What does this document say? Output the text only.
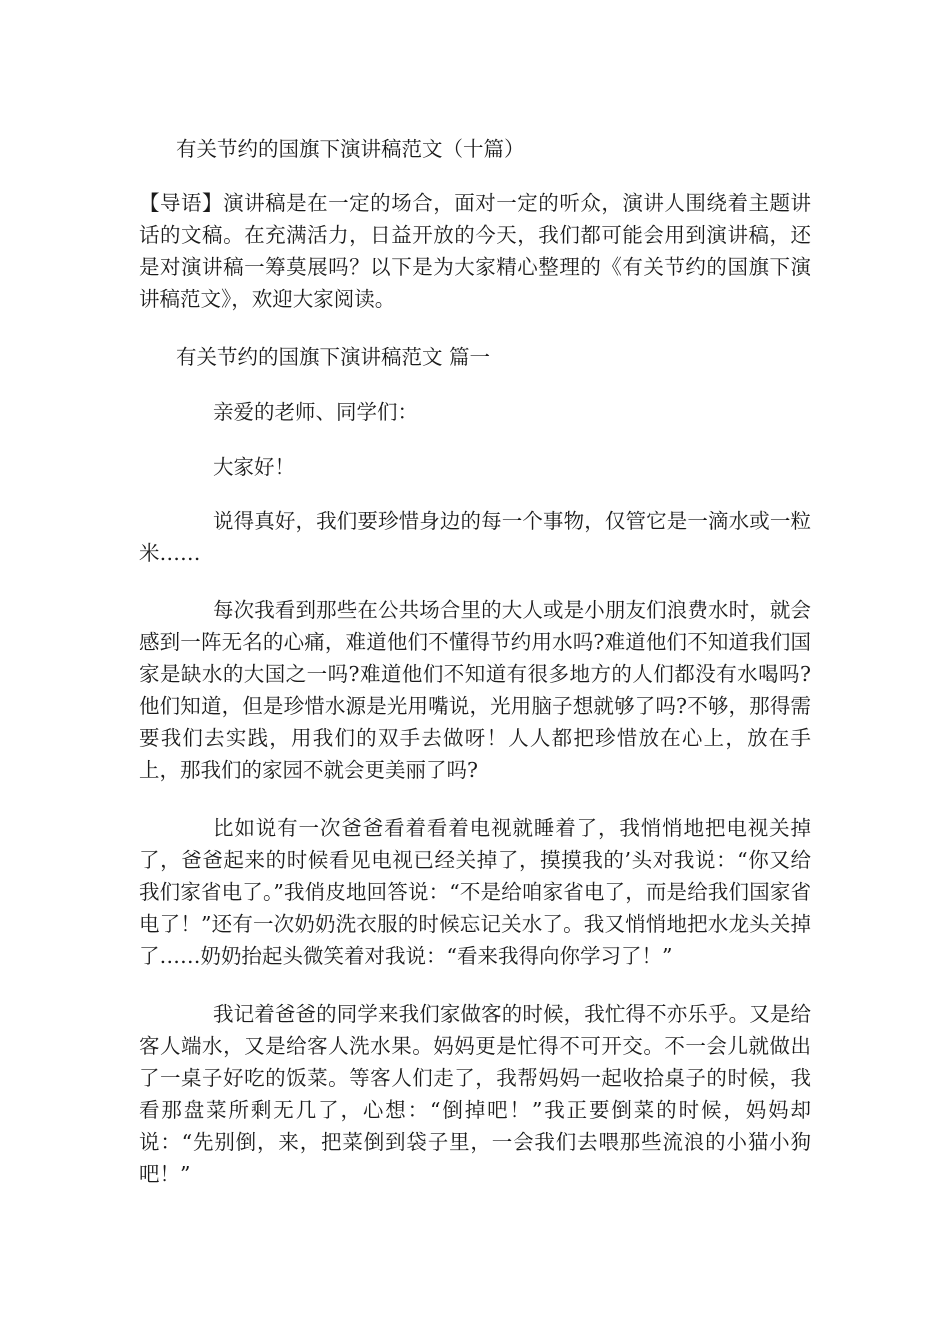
有关节约的国旗下演讲稿范文（十篇）

【导语】演讲稿是在一定的场合，面对一定的听众，演讲人围绕着主题讲话的文稿。在充满活力，日益开放的今天，我们都可能会用到演讲稿，还是对演讲稿一筹莫展吗？以下是为大家精心整理的《有关节约的国旗下演讲稿范文》，欢迎大家阅读。

有关节约的国旗下演讲稿范文 篇一

亲爱的老师、同学们：

大家好！

说得真好，我们要珍惜身边的每一个事物，仅管它是一滴水或一粒米……

每次我看到那些在公共场合里的大人或是小朋友们浪费水时，就会感到一阵无名的心痛，难道他们不懂得节约用水吗?难道他们不知道我们国家是缺水的大国之一吗?难道他们不知道有很多地方的人们都没有水喝吗?他们知道，但是珍惜水源是光用嘴说，光用脑子想就够了吗?不够，那得需要我们去实践，用我们的双手去做呀！人人都把珍惜放在心上，放在手上，那我们的家园不就会更美丽了吗?

比如说有一次爸爸看着看着电视就睡着了，我悄悄地把电视关掉了，爸爸起来的时候看见电视已经关掉了，摸摸我的’头对我说：“你又给我们家省电了。”我俏皮地回答说：“不是给咱家省电了，而是给我们国家省电了！”还有一次奶奶洗衣服的时候忘记关水了。我又悄悄地把水龙头关掉了……奶奶抬起头微笑着对我说：“看来我得向你学习了！”

我记着爸爸的同学来我们家做客的时候，我忙得不亦乐乎。又是给客人端水，又是给客人洗水果。妈妈更是忙得不可开交。不一会儿就做出了一桌子好吃的饭菜。等客人们走了，我帮妈妈一起收拾桌子的时候，我看那盘菜所剩无几了，心想：“倒掉吧！”我正要倒菜的时候，妈妈却说：“先别倒，来，把菜倒到袋子里，一会我们去喂那些流浪的小猫小狗吧！”
